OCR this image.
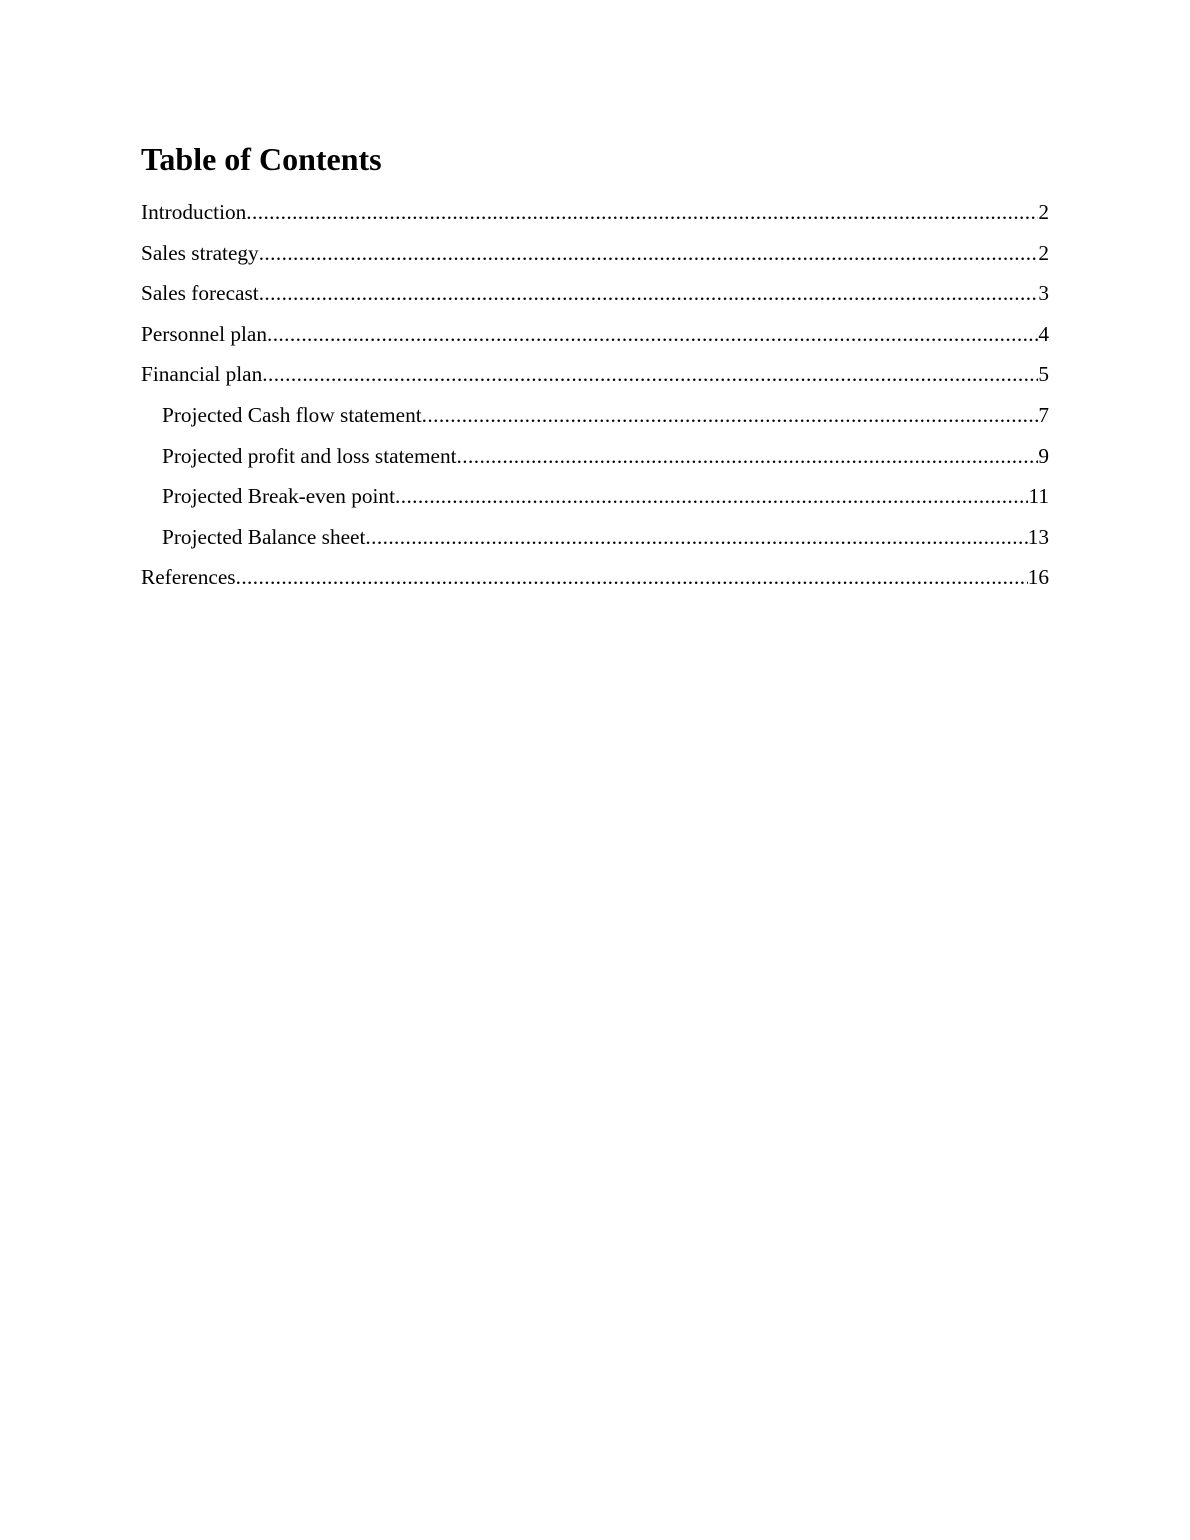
Table of Contents
Introduction .....	2
Sales strategy .....	2
Sales forecast .....	3
Personnel plan .....	4
Financial plan .....	5
Projected Cash flow statement .....	7
Projected profit and loss statement .....	9
Projected Break-even point .....	11
Projected Balance sheet .....	13
References .....	16
